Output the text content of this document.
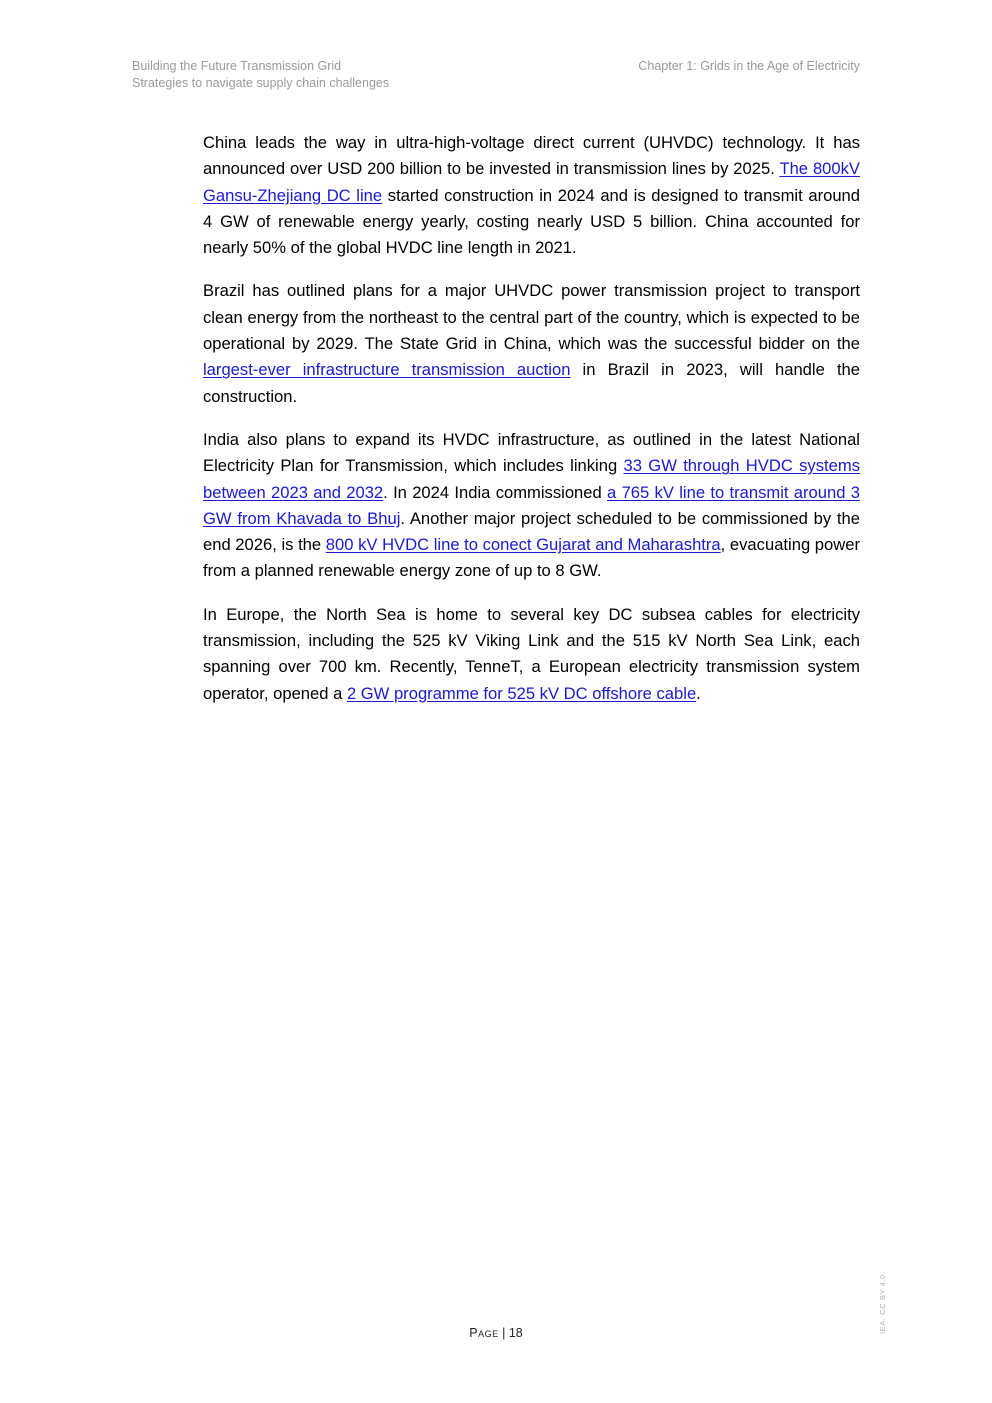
Building the Future Transmission Grid
Strategies to navigate supply chain challenges
Chapter 1: Grids in the Age of Electricity

China leads the way in ultra-high-voltage direct current (UHVDC) technology. It has announced over USD 200 billion to be invested in transmission lines by 2025. The 800kV Gansu-Zhejiang DC line started construction in 2024 and is designed to transmit around 4 GW of renewable energy yearly, costing nearly USD 5 billion. China accounted for nearly 50% of the global HVDC line length in 2021.

Brazil has outlined plans for a major UHVDC power transmission project to transport clean energy from the northeast to the central part of the country, which is expected to be operational by 2029. The State Grid in China, which was the successful bidder on the largest-ever infrastructure transmission auction in Brazil in 2023, will handle the construction.

India also plans to expand its HVDC infrastructure, as outlined in the latest National Electricity Plan for Transmission, which includes linking 33 GW through HVDC systems between 2023 and 2032. In 2024 India commissioned a 765 kV line to transmit around 3 GW from Khavada to Bhuj. Another major project scheduled to be commissioned by the end 2026, is the 800 kV HVDC line to conect Gujarat and Maharashtra, evacuating power from a planned renewable energy zone of up to 8 GW.

In Europe, the North Sea is home to several key DC subsea cables for electricity transmission, including the 525 kV Viking Link and the 515 kV North Sea Link, each spanning over 700 km. Recently, TenneT, a European electricity transmission system operator, opened a 2 GW programme for 525 kV DC offshore cable.

Page | 18	IEA. CC BY 4.0.
